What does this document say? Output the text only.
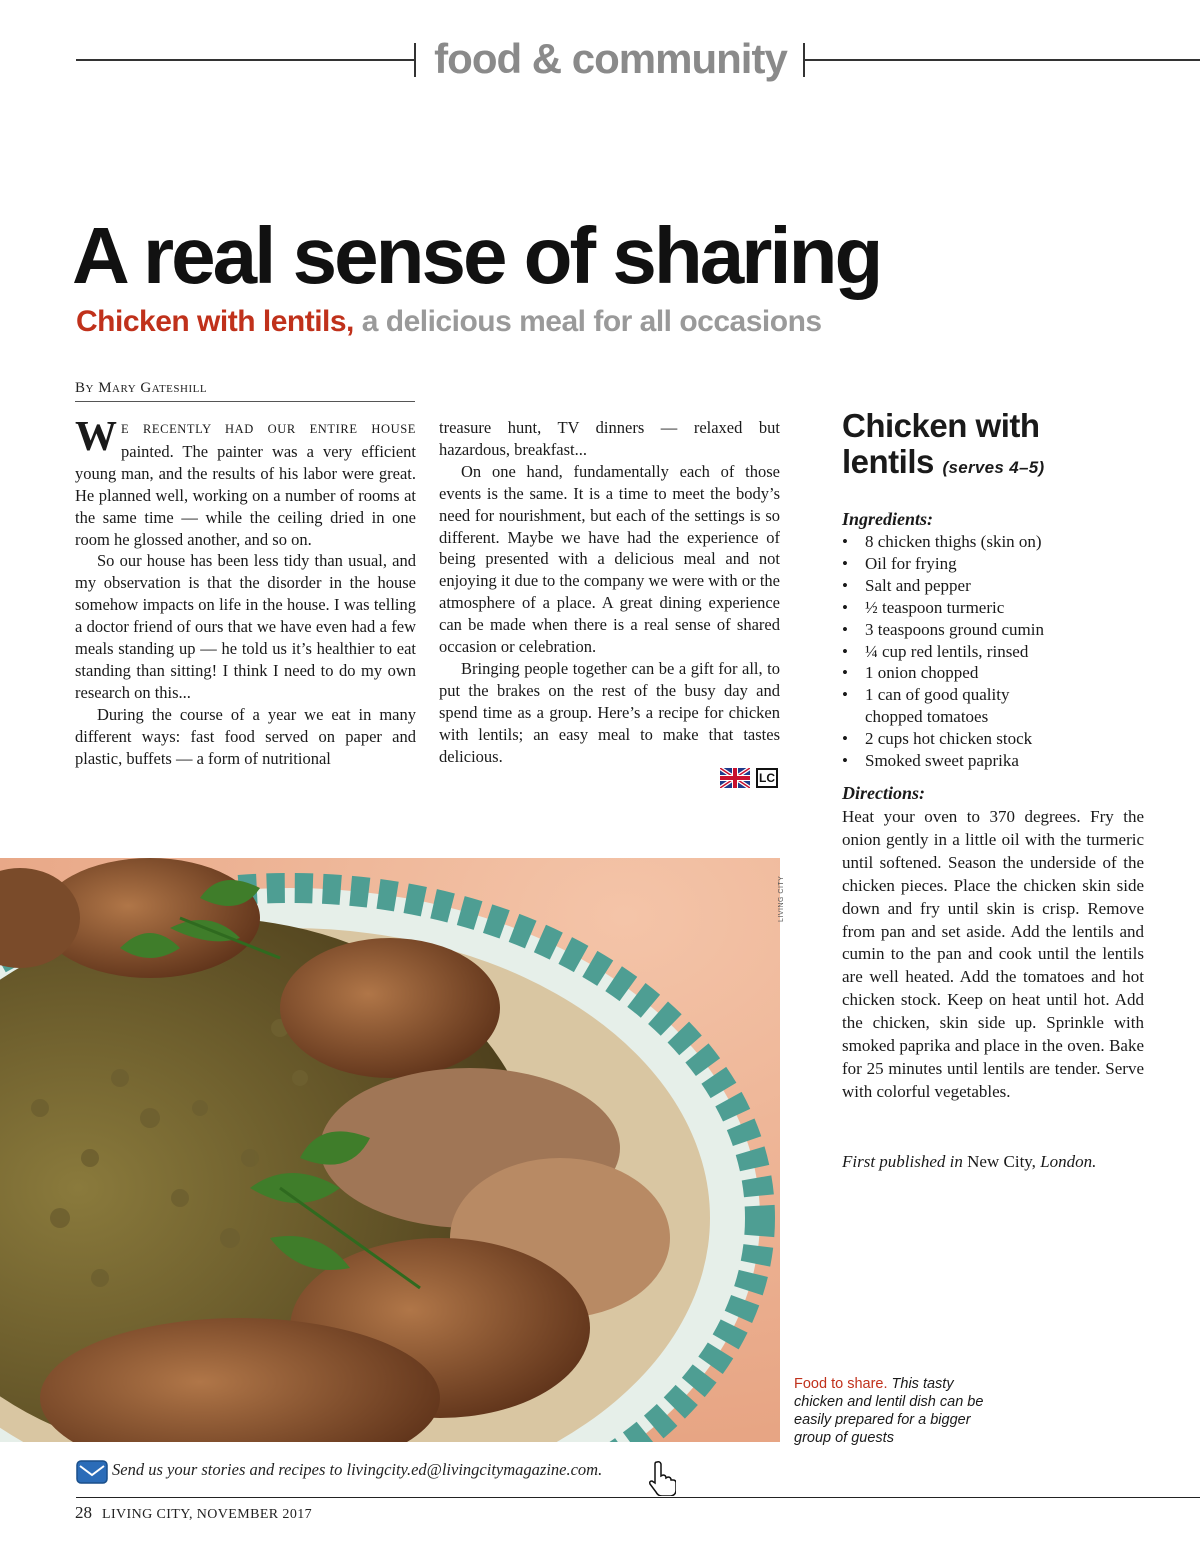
food & community
A real sense of sharing
Chicken with lentils, a delicious meal for all occasions
By Mary Gateshill

WE RECENTLY HAD OUR ENTIRE HOUSE painted. The painter was a very efficient young man, and the results of his labor were great. He planned well, working on a number of rooms at the same time — while the ceiling dried in one room he glossed another, and so on.

So our house has been less tidy than usual, and my observation is that the disorder in the house somehow impacts on life in the house. I was telling a doctor friend of ours that we have even had a few meals standing up — he told us it’s healthier to eat standing than sitting! I think I need to do my own research on this...

During the course of a year we eat in many different ways: fast food served on paper and plastic, buffets — a form of nutritional

treasure hunt, TV dinners — relaxed but hazardous, breakfast...

On one hand, fundamentally each of those events is the same. It is a time to meet the body’s need for nourishment, but each of the settings is so different. Maybe we have had the experience of being presented with a delicious meal and not enjoying it due to the company we were with or the atmosphere of a place. A great dining experience can be made when there is a real sense of shared occasion or celebration.

Bringing people together can be a gift for all, to put the brakes on the rest of the busy day and spend time as a group. Here’s a recipe for chicken with lentils; an easy meal to make that tastes delicious.

LC
Chicken with
lentils (serves 4–5)
Ingredients:
• 8 chicken thighs (skin on)
• Oil for frying
• Salt and pepper
• ½ teaspoon turmeric
• 3 teaspoons ground cumin
• ¼ cup red lentils, rinsed
• 1 onion chopped
• 1 can of good quality chopped tomatoes
• 2 cups hot chicken stock
• Smoked sweet paprika
Directions:

Heat your oven to 370 degrees. Fry the onion gently in a little oil with the turmeric until softened. Season the underside of the chicken pieces. Place the chicken skin side down and fry until skin is crisp. Remove from pan and set aside. Add the lentils and cumin to the pan and cook until the lentils are well heated. Add the tomatoes and hot chicken stock. Keep on heat until hot. Add the chicken, skin side up. Sprinkle with smoked paprika and place in the oven. Bake for 25 minutes until lentils are tender. Serve with colorful vegetables.

First published in New City, London.
LIVING CITY
Food to share. This tasty chicken and lentil dish can be easily prepared for a bigger group of guests
Send us your stories and recipes to livingcity.ed@livingcitymagazine.com.
28 LIVING CITY, NOVEMBER 2017
